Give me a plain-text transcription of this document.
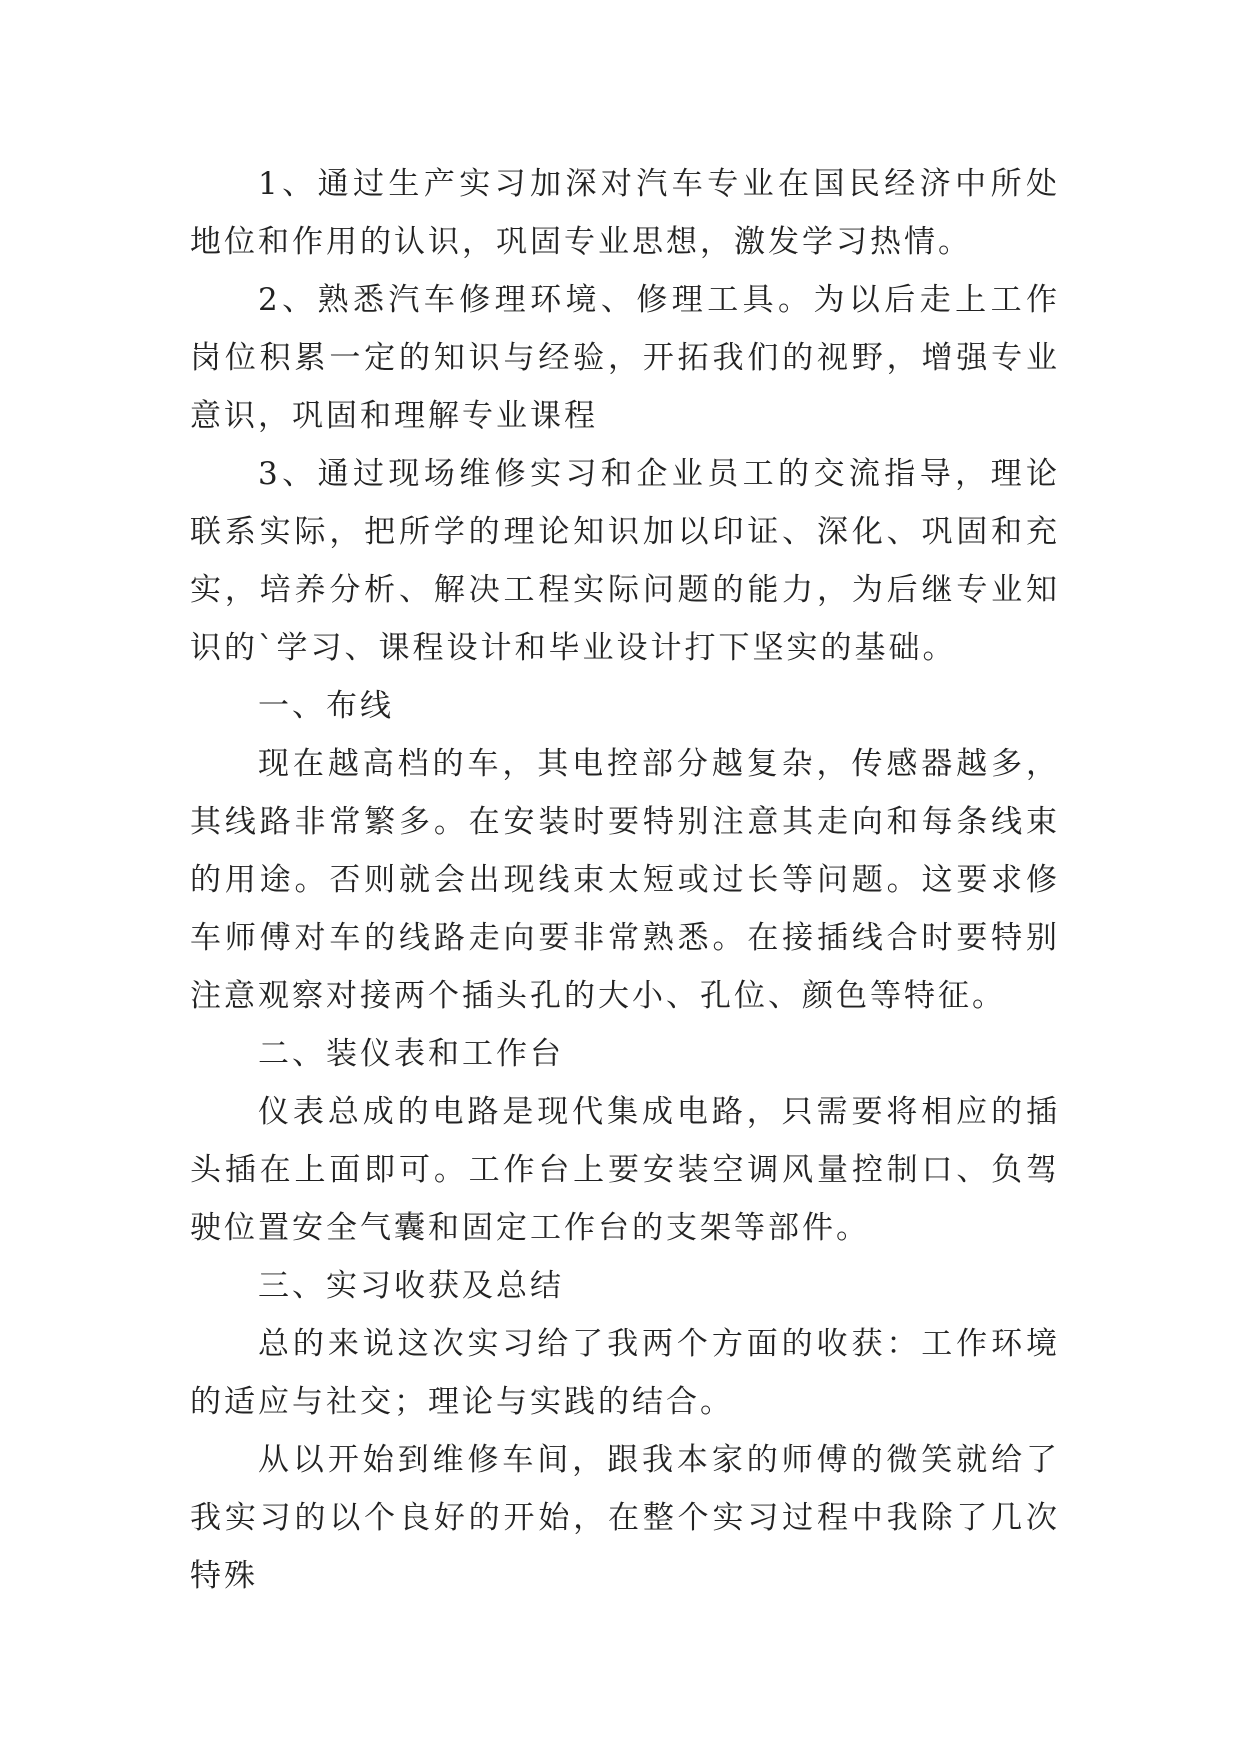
1、通过生产实习加深对汽车专业在国民经济中所处地位和作用的认识，巩固专业思想，激发学习热情。

2、熟悉汽车修理环境、修理工具。为以后走上工作岗位积累一定的知识与经验，开拓我们的视野，增强专业意识，巩固和理解专业课程

3、通过现场维修实习和企业员工的交流指导，理论联系实际，把所学的理论知识加以印证、深化、巩固和充实，培养分析、解决工程实际问题的能力，为后继专业知识的`学习、课程设计和毕业设计打下坚实的基础。

一、布线

现在越高档的车，其电控部分越复杂，传感器越多，其线路非常繁多。在安装时要特别注意其走向和每条线束的用途。否则就会出现线束太短或过长等问题。这要求修车师傅对车的线路走向要非常熟悉。在接插线合时要特别注意观察对接两个插头孔的大小、孔位、颜色等特征。

二、装仪表和工作台

仪表总成的电路是现代集成电路，只需要将相应的插头插在上面即可。工作台上要安装空调风量控制口、负驾驶位置安全气囊和固定工作台的支架等部件。

三、实习收获及总结

总的来说这次实习给了我两个方面的收获：工作环境的适应与社交；理论与实践的结合。

从以开始到维修车间，跟我本家的师傅的微笑就给了我实习的以个良好的开始，在整个实习过程中我除了几次特殊
